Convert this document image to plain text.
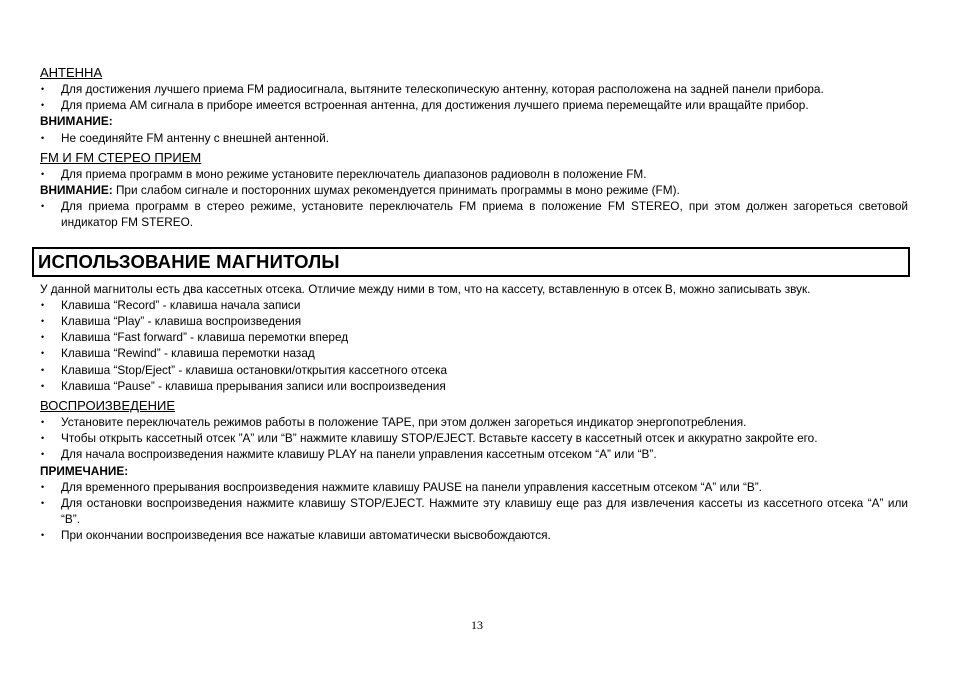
АНТЕННА

• Для достижения лучшего приема FM радиосигнала, вытяните телескопическую антенну, которая расположена на задней панели прибора.
• Для приема AM сигнала в приборе имеется встроенная антенна, для достижения лучшего приема перемещайте или вращайте прибор.

ВНИМАНИЕ:

• Не соединяйте FM антенну с внешней антенной.

FM И FM СТЕРЕО ПРИЕМ

• Для приема программ в моно режиме установите переключатель диапазонов радиоволн в положение FM.

ВНИМАНИЕ: При слабом сигнале и посторонних шумах рекомендуется принимать программы в моно режиме (FM).

• Для приема программ в стерео режиме, установите переключатель FM приема в положение FM STEREO, при этом должен загореться световой индикатор FM STEREO.
ИСПОЛЬЗОВАНИЕ МАГНИТОЛЫ

У данной магнитолы есть два кассетных отсека. Отличие между ними в том, что на кассету, вставленную в отсек В, можно записывать звук.

• Клавиша “Record” - клавиша начала записи
• Клавиша “Play” - клавиша воспроизведения
• Клавиша “Fast forward” - клавиша перемотки вперед
• Клавиша “Rewind” - клавиша перемотки назад
• Клавиша “Stop/Eject” - клавиша остановки/открытия кассетного отсека
• Клавиша “Pause” - клавиша прерывания записи или воспроизведения

ВОСПРОИЗВЕДЕНИЕ

• Установите переключатель режимов работы в положение TAPE, при этом должен загореться индикатор энергопотребления.
• Чтобы открыть кассетный отсек ”A” или “B” нажмите клавишу STOP/EJECT. Вставьте кассету в кассетный отсек и аккуратно закройте его.
• Для начала воспроизведения нажмите клавишу PLAY на панели управления кассетным отсеком “A” или “B”.

ПРИМЕЧАНИЕ:

• Для временного прерывания воспроизведения нажмите клавишу PAUSE на панели управления кассетным отсеком “A” или “B”.
• Для остановки воспроизведения нажмите клавишу STOP/EJECT. Нажмите эту клавишу еще раз для извлечения кассеты из кассетного отсека “A” или “B”.
• При окончании воспроизведения все нажатые клавиши автоматически высвобождаются.
13
